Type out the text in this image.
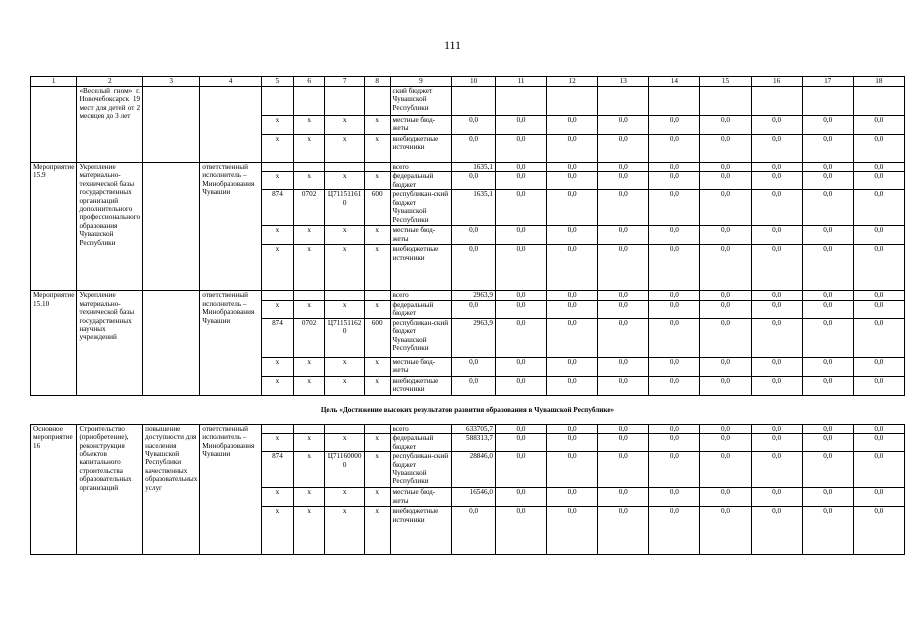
111
1	2	3	4	5	6	7	8	9	10	11	12	13	14	15	16	17	18
	«Веселый гном» г. Новочебоксарск 19 мест для детей от 2 месяцев до 3 лет							ский бюджет Чувашской Республики									
				х	х	х	х	местные бюд-жеты	0,0	0,0	0,0	0,0	0,0	0,0	0,0	0,0	0,0
				х	х	х	х	внебюджетные источники	0,0	0,0	0,0	0,0	0,0	0,0	0,0	0,0	0,0
Мероприятие 15.9	Укрепление материально-технической базы государственных организаций дополнительного профессионального образования Чувашской Республики		ответственный исполнитель – Минобразования Чувашии					всего	1635,1	0,0	0,0	0,0	0,0	0,0	0,0	0,0	0,0
				х	х	х	х	федеральный бюджет	0,0	0,0	0,0	0,0	0,0	0,0	0,0	0,0	0,0
				874	0702	Ц711511610	600	республикан-ский бюджет Чувашской Республики	1635,1	0,0	0,0	0,0	0,0	0,0	0,0	0,0	0,0
				х	х	х	х	местные бюд-жеты	0,0	0,0	0,0	0,0	0,0	0,0	0,0	0,0	0,0
				х	х	х	х	внебюджетные источники	0,0	0,0	0,0	0,0	0,0	0,0	0,0	0,0	0,0
Мероприятие 15.10	Укрепление материально-технической базы государственных научных учреждений		ответственный исполнитель – Минобразования Чувашии					всего	2963,9	0,0	0,0	0,0	0,0	0,0	0,0	0,0	0,0
				х	х	х	х	федеральный бюджет	0,0	0,0	0,0	0,0	0,0	0,0	0,0	0,0	0,0
				874	0702	Ц711511620	600	республикан-ский бюджет Чувашской Республики	2963,9	0,0	0,0	0,0	0,0	0,0	0,0	0,0	0,0
				х	х	х	х	местные бюд-жеты	0,0	0,0	0,0	0,0	0,0	0,0	0,0	0,0	0,0
				х	х	х	х	внебюджетные источники	0,0	0,0	0,0	0,0	0,0	0,0	0,0	0,0	0,0
Цель «Достижение высоких результатов развития образования в Чувашской Республике»																	
Основное мероприятие 16	Строительство (приобретение), реконструкция объектов капитального строительства образовательных организаций	повышение доступности для населения Чувашской Республики качественных образовательных услуг	ответственный исполнитель – Минобразования Чувашии					всего	633705,7	0,0	0,0	0,0	0,0	0,0	0,0	0,0	0,0
				х	х	х	х	федеральный бюджет	588313,7	0,0	0,0	0,0	0,0	0,0	0,0	0,0	0,0
				874	х	Ц711600000	х	республикан-ский бюджет Чувашской Республики	28846,0	0,0	0,0	0,0	0,0	0,0	0,0	0,0	0,0
				х	х	х	х	местные бюд-жеты	16546,0	0,0	0,0	0,0	0,0	0,0	0,0	0,0	0,0
				х	х	х	х	внебюджетные источники	0,0	0,0	0,0	0,0	0,0	0,0	0,0	0,0	0,0
